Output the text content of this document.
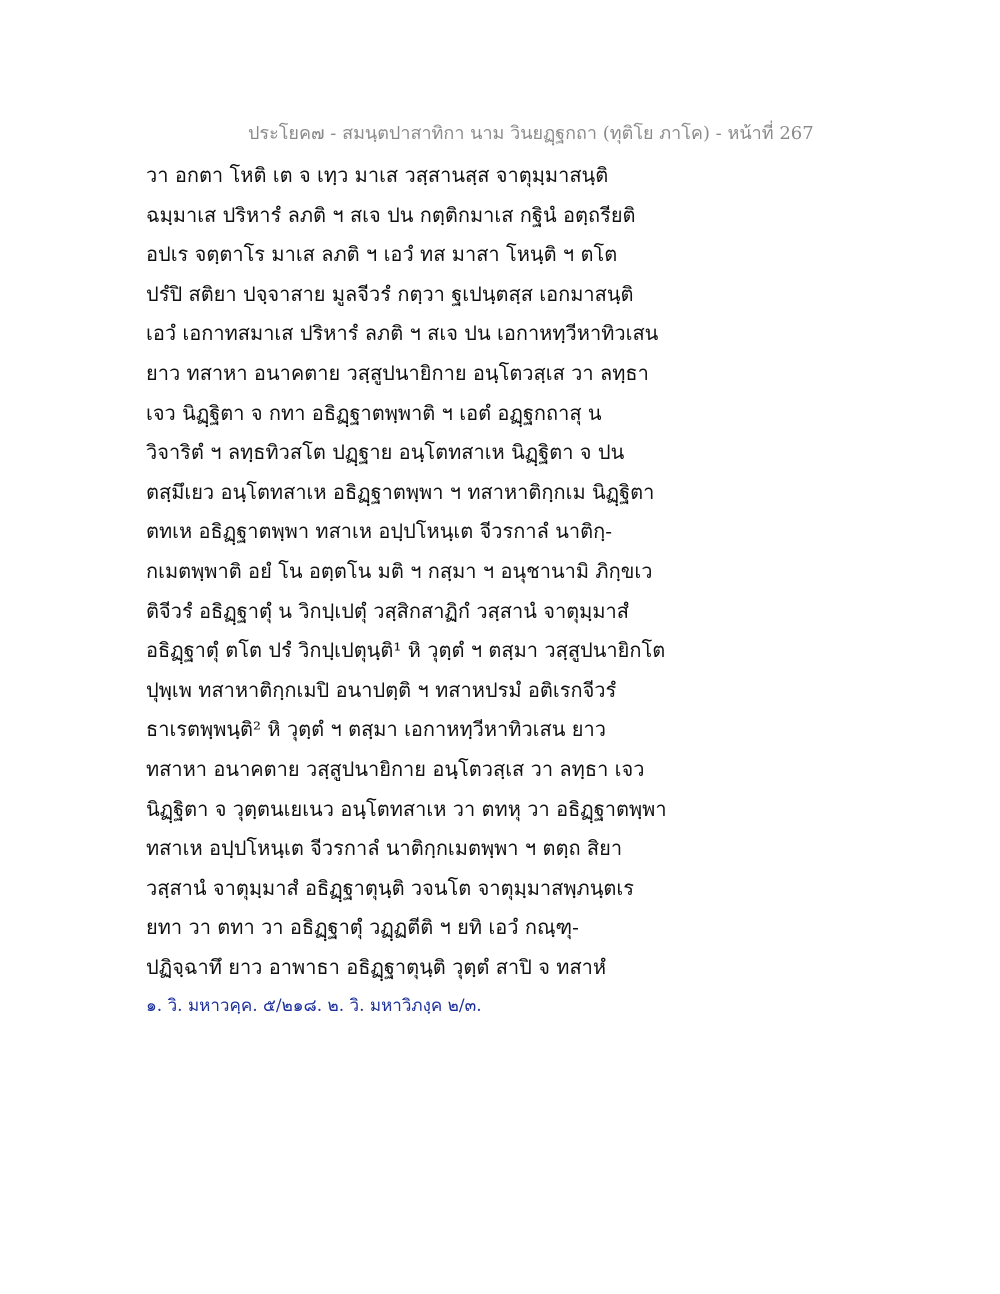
ประโยค๗ - สมนฺตปาสาทิกา นาม วินยฏฺฐกถา (ทุติโย ภาโค) - หน้าที่ 267
วา อกตา โหติ เต จ เทฺว มาเส วสฺสานสฺส จาตุมฺมาสนฺติ
ฉมฺมาเส ปริหารํ ลภติ ฯ สเจ ปน กตฺติกมาเส กฐินํ อตฺถรียติ
อปเร จตฺตาโร มาเส ลภติ ฯ เอวํ ทส มาสา โหนฺติ ฯ ตโต
ปรํปิ สติยา ปจฺจาสาย มูลจีวรํ กตฺวา ฐเปนฺตสฺส เอกมาสนฺติ
เอวํ เอกาทสมาเส ปริหารํ ลภติ ฯ สเจ ปน เอกาหทฺวีหาทิวเสน
ยาว ทสาหา อนาคตาย วสฺสูปนายิกาย อนฺโตวสฺเส วา ลทฺธา
เจว นิฏฺฐิตา จ กทา อธิฏฺฐาตพฺพาติ ฯ เอตํ อฏฺฐกถาสุ น
วิจาริตํ ฯ ลทฺธทิวสโต ปฏฺฐาย อนฺโตทสาเห นิฏฺฐิตา จ ปน
ตสฺมึเยว อนฺโตทสาเห อธิฏฺฐาตพฺพา ฯ ทสาหาติกฺกเม นิฏฺฐิตา
ตทเห อธิฏฺฐาตพฺพา ทสาเห อปฺปโหนฺเต จีวรกาลํ นาติกฺ-
กเมตพฺพาติ อยํ โน อตฺตโน มติ ฯ กสฺมา ฯ อนุชานามิ ภิกฺขเว
ติจีวรํ อธิฏฺฐาตุํ น วิกปฺเปตุํ วสฺสิกสาฏิกํ วสฺสานํ จาตุมฺมาสํ
อธิฏฺฐาตุํ ตโต ปรํ วิกปฺเปตุนฺติ¹ หิ วุตฺตํ ฯ ตสฺมา วสฺสูปนายิกโต
ปุพฺเพ ทสาหาติกฺกเมปิ อนาปตฺติ ฯ ทสาหปรมํ อติเรกจีวรํ
ธาเรตพฺพนฺติ² หิ วุตฺตํ ฯ ตสฺมา เอกาหทฺวีหาทิวเสน ยาว
ทสาหา อนาคตาย วสฺสูปนายิกาย อนฺโตวสฺเส วา ลทฺธา เจว
นิฏฺฐิตา จ วุตฺตนเยเนว อนฺโตทสาเห วา ตทหุ วา อธิฏฺฐาตพฺพา
ทสาเห อปฺปโหนฺเต จีวรกาลํ นาติกฺกเมตพฺพา ฯ ตตฺถ สิยา
วสฺสานํ จาตุมฺมาสํ อธิฏฺฐาตุนฺติ วจนโต จาตุมฺมาสพฺภนฺตเร
ยทา วา ตทา วา อธิฏฺฐาตุํ วฏฺฏตีติ ฯ ยทิ เอวํ กณฺฑุ-
ปฏิจฺฉาทึ ยาว อาพาธา อธิฏฺฐาตุนฺติ วุตฺตํ สาปิ จ ทสาหํ
๑. วิ. มหาวคฺค. ๕/๒๑๘. ๒. วิ. มหาวิภงฺค ๒/๓.
